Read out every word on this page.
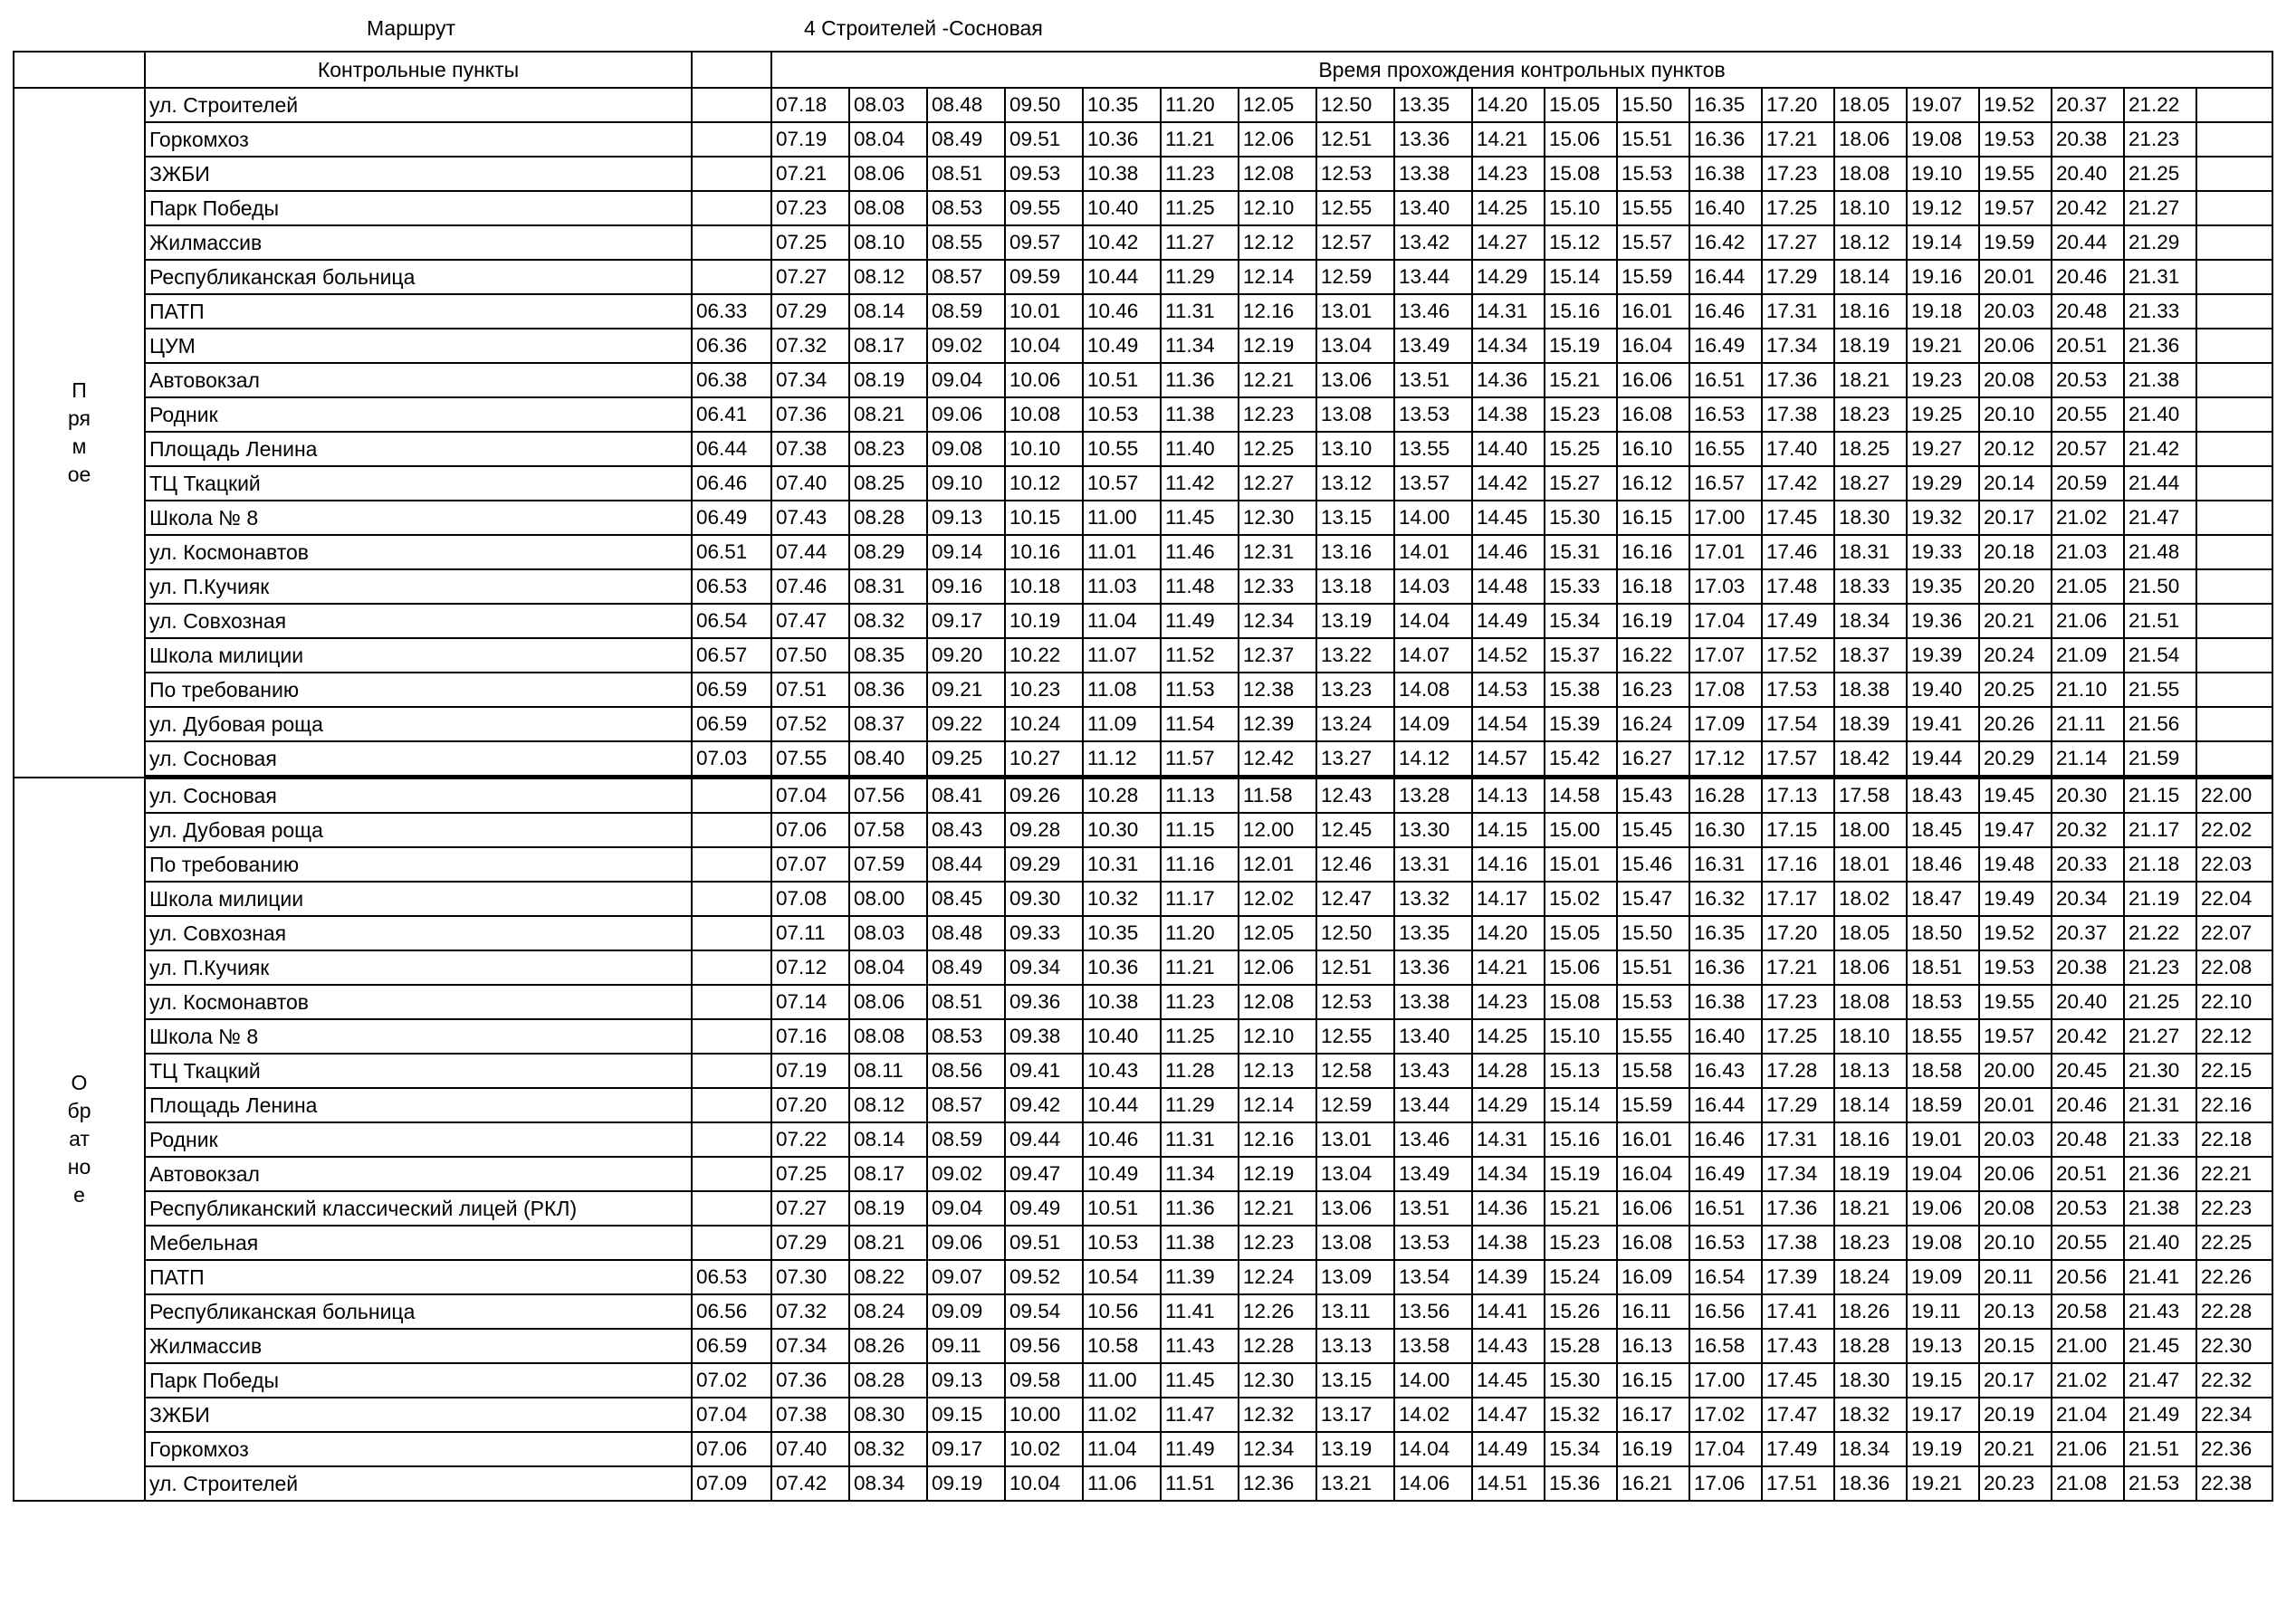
Маршрут	4 Строителей -Сосновая
	Контрольные пункты		Время прохождения контрольных пунктов																			
Прямое	ул. Строителей		07.18	08.03	08.48	09.50	10.35	11.20	12.05	12.50	13.35	14.20	15.05	15.50	16.35	17.20	18.05	19.07	19.52	20.37	21.22	
	Горкомхоз		07.19	08.04	08.49	09.51	10.36	11.21	12.06	12.51	13.36	14.21	15.06	15.51	16.36	17.21	18.06	19.08	19.53	20.38	21.23	
	ЗЖБИ		07.21	08.06	08.51	09.53	10.38	11.23	12.08	12.53	13.38	14.23	15.08	15.53	16.38	17.23	18.08	19.10	19.55	20.40	21.25	
	Парк Победы		07.23	08.08	08.53	09.55	10.40	11.25	12.10	12.55	13.40	14.25	15.10	15.55	16.40	17.25	18.10	19.12	19.57	20.42	21.27	
	Жилмассив		07.25	08.10	08.55	09.57	10.42	11.27	12.12	12.57	13.42	14.27	15.12	15.57	16.42	17.27	18.12	19.14	19.59	20.44	21.29	
	Республиканская больница		07.27	08.12	08.57	09.59	10.44	11.29	12.14	12.59	13.44	14.29	15.14	15.59	16.44	17.29	18.14	19.16	20.01	20.46	21.31	
	ПАТП	06.33	07.29	08.14	08.59	10.01	10.46	11.31	12.16	13.01	13.46	14.31	15.16	16.01	16.46	17.31	18.16	19.18	20.03	20.48	21.33	
	ЦУМ	06.36	07.32	08.17	09.02	10.04	10.49	11.34	12.19	13.04	13.49	14.34	15.19	16.04	16.49	17.34	18.19	19.21	20.06	20.51	21.36	
	Автовокзал	06.38	07.34	08.19	09.04	10.06	10.51	11.36	12.21	13.06	13.51	14.36	15.21	16.06	16.51	17.36	18.21	19.23	20.08	20.53	21.38	
	Родник	06.41	07.36	08.21	09.06	10.08	10.53	11.38	12.23	13.08	13.53	14.38	15.23	16.08	16.53	17.38	18.23	19.25	20.10	20.55	21.40	
	Площадь Ленина	06.44	07.38	08.23	09.08	10.10	10.55	11.40	12.25	13.10	13.55	14.40	15.25	16.10	16.55	17.40	18.25	19.27	20.12	20.57	21.42	
	ТЦ Ткацкий	06.46	07.40	08.25	09.10	10.12	10.57	11.42	12.27	13.12	13.57	14.42	15.27	16.12	16.57	17.42	18.27	19.29	20.14	20.59	21.44	
	Школа № 8	06.49	07.43	08.28	09.13	10.15	11.00	11.45	12.30	13.15	14.00	14.45	15.30	16.15	17.00	17.45	18.30	19.32	20.17	21.02	21.47	
	ул. Космонавтов	06.51	07.44	08.29	09.14	10.16	11.01	11.46	12.31	13.16	14.01	14.46	15.31	16.16	17.01	17.46	18.31	19.33	20.18	21.03	21.48	
	ул. П.Кучияк	06.53	07.46	08.31	09.16	10.18	11.03	11.48	12.33	13.18	14.03	14.48	15.33	16.18	17.03	17.48	18.33	19.35	20.20	21.05	21.50	
	ул. Совхозная	06.54	07.47	08.32	09.17	10.19	11.04	11.49	12.34	13.19	14.04	14.49	15.34	16.19	17.04	17.49	18.34	19.36	20.21	21.06	21.51	
	Школа милиции	06.57	07.50	08.35	09.20	10.22	11.07	11.52	12.37	13.22	14.07	14.52	15.37	16.22	17.07	17.52	18.37	19.39	20.24	21.09	21.54	
	По требованию	06.59	07.51	08.36	09.21	10.23	11.08	11.53	12.38	13.23	14.08	14.53	15.38	16.23	17.08	17.53	18.38	19.40	20.25	21.10	21.55	
	ул. Дубовая роща	06.59	07.52	08.37	09.22	10.24	11.09	11.54	12.39	13.24	14.09	14.54	15.39	16.24	17.09	17.54	18.39	19.41	20.26	21.11	21.56	
	ул. Сосновая	07.03	07.55	08.40	09.25	10.27	11.12	11.57	12.42	13.27	14.12	14.57	15.42	16.27	17.12	17.57	18.42	19.44	20.29	21.14	21.59	
Обратное	ул. Сосновая		07.04	07.56	08.41	09.26	10.28	11.13	11.58	12.43	13.28	14.13	14.58	15.43	16.28	17.13	17.58	18.43	19.45	20.30	21.15	22.00
	ул. Дубовая роща		07.06	07.58	08.43	09.28	10.30	11.15	12.00	12.45	13.30	14.15	15.00	15.45	16.30	17.15	18.00	18.45	19.47	20.32	21.17	22.02
	По требованию		07.07	07.59	08.44	09.29	10.31	11.16	12.01	12.46	13.31	14.16	15.01	15.46	16.31	17.16	18.01	18.46	19.48	20.33	21.18	22.03
	Школа милиции		07.08	08.00	08.45	09.30	10.32	11.17	12.02	12.47	13.32	14.17	15.02	15.47	16.32	17.17	18.02	18.47	19.49	20.34	21.19	22.04
	ул. Совхозная		07.11	08.03	08.48	09.33	10.35	11.20	12.05	12.50	13.35	14.20	15.05	15.50	16.35	17.20	18.05	18.50	19.52	20.37	21.22	22.07
	ул. П.Кучияк		07.12	08.04	08.49	09.34	10.36	11.21	12.06	12.51	13.36	14.21	15.06	15.51	16.36	17.21	18.06	18.51	19.53	20.38	21.23	22.08
	ул. Космонавтов		07.14	08.06	08.51	09.36	10.38	11.23	12.08	12.53	13.38	14.23	15.08	15.53	16.38	17.23	18.08	18.53	19.55	20.40	21.25	22.10
	Школа № 8		07.16	08.08	08.53	09.38	10.40	11.25	12.10	12.55	13.40	14.25	15.10	15.55	16.40	17.25	18.10	18.55	19.57	20.42	21.27	22.12
	ТЦ Ткацкий		07.19	08.11	08.56	09.41	10.43	11.28	12.13	12.58	13.43	14.28	15.13	15.58	16.43	17.28	18.13	18.58	20.00	20.45	21.30	22.15
	Площадь Ленина		07.20	08.12	08.57	09.42	10.44	11.29	12.14	12.59	13.44	14.29	15.14	15.59	16.44	17.29	18.14	18.59	20.01	20.46	21.31	22.16
	Родник		07.22	08.14	08.59	09.44	10.46	11.31	12.16	13.01	13.46	14.31	15.16	16.01	16.46	17.31	18.16	19.01	20.03	20.48	21.33	22.18
	Автовокзал		07.25	08.17	09.02	09.47	10.49	11.34	12.19	13.04	13.49	14.34	15.19	16.04	16.49	17.34	18.19	19.04	20.06	20.51	21.36	22.21
	Республиканский классический лицей (РКЛ)		07.27	08.19	09.04	09.49	10.51	11.36	12.21	13.06	13.51	14.36	15.21	16.06	16.51	17.36	18.21	19.06	20.08	20.53	21.38	22.23
	Мебельная		07.29	08.21	09.06	09.51	10.53	11.38	12.23	13.08	13.53	14.38	15.23	16.08	16.53	17.38	18.23	19.08	20.10	20.55	21.40	22.25
	ПАТП	06.53	07.30	08.22	09.07	09.52	10.54	11.39	12.24	13.09	13.54	14.39	15.24	16.09	16.54	17.39	18.24	19.09	20.11	20.56	21.41	22.26
	Республиканская больница	06.56	07.32	08.24	09.09	09.54	10.56	11.41	12.26	13.11	13.56	14.41	15.26	16.11	16.56	17.41	18.26	19.11	20.13	20.58	21.43	22.28
	Жилмассив	06.59	07.34	08.26	09.11	09.56	10.58	11.43	12.28	13.13	13.58	14.43	15.28	16.13	16.58	17.43	18.28	19.13	20.15	21.00	21.45	22.30
	Парк Победы	07.02	07.36	08.28	09.13	09.58	11.00	11.45	12.30	13.15	14.00	14.45	15.30	16.15	17.00	17.45	18.30	19.15	20.17	21.02	21.47	22.32
	ЗЖБИ	07.04	07.38	08.30	09.15	10.00	11.02	11.47	12.32	13.17	14.02	14.47	15.32	16.17	17.02	17.47	18.32	19.17	20.19	21.04	21.49	22.34
	Горкомхоз	07.06	07.40	08.32	09.17	10.02	11.04	11.49	12.34	13.19	14.04	14.49	15.34	16.19	17.04	17.49	18.34	19.19	20.21	21.06	21.51	22.36
	ул. Строителей	07.09	07.42	08.34	09.19	10.04	11.06	11.51	12.36	13.21	14.06	14.51	15.36	16.21	17.06	17.51	18.36	19.21	20.23	21.08	21.53	22.38
